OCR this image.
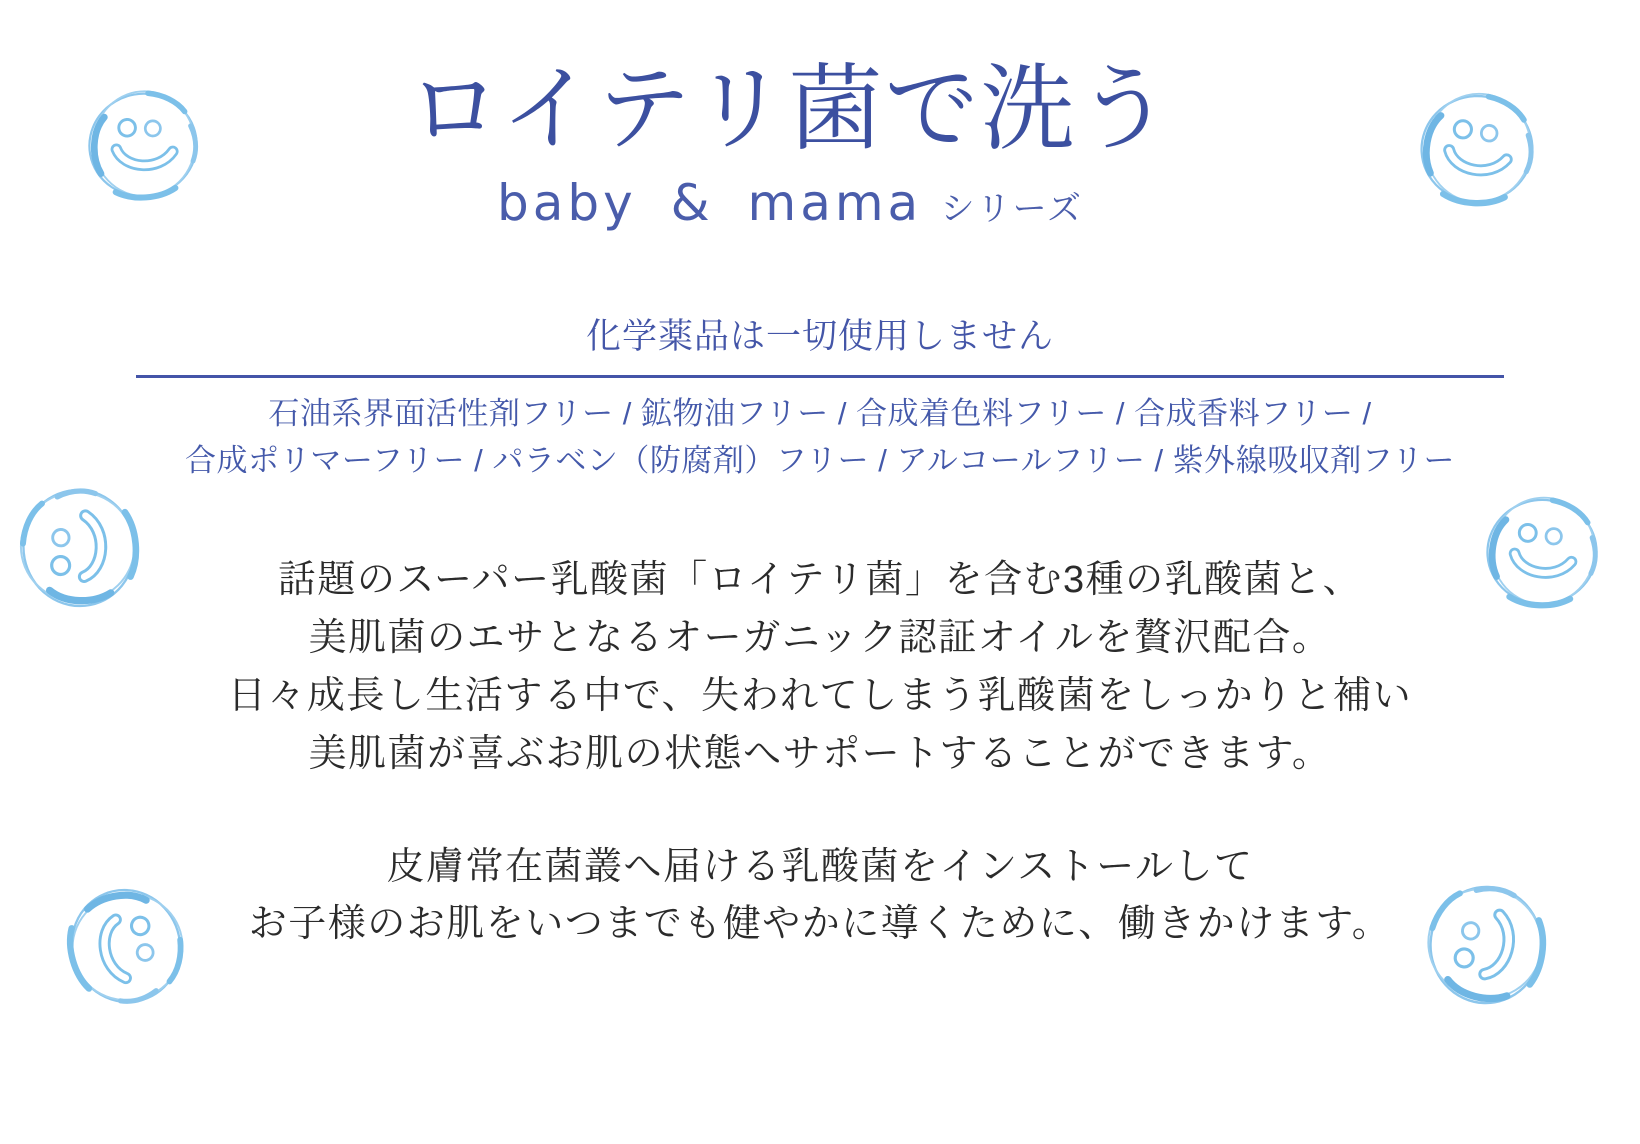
ロイテリ菌で洗う
baby & mama シリーズ
化学薬品は一切使用しません
石油系界面活性剤フリー / 鉱物油フリー / 合成着色料フリー / 合成香料フリー /
合成ポリマーフリー / パラベン（防腐剤）フリー / アルコールフリー / 紫外線吸収剤フリー
話題のスーパー乳酸菌「ロイテリ菌」を含む3種の乳酸菌と、
美肌菌のエサとなるオーガニック認証オイルを贅沢配合。
日々成長し生活する中で、失われてしまう乳酸菌をしっかりと補い
美肌菌が喜ぶお肌の状態へサポートすることができます。
皮膚常在菌叢へ届ける乳酸菌をインストールして
お子様のお肌をいつまでも健やかに導くために、働きかけます。
